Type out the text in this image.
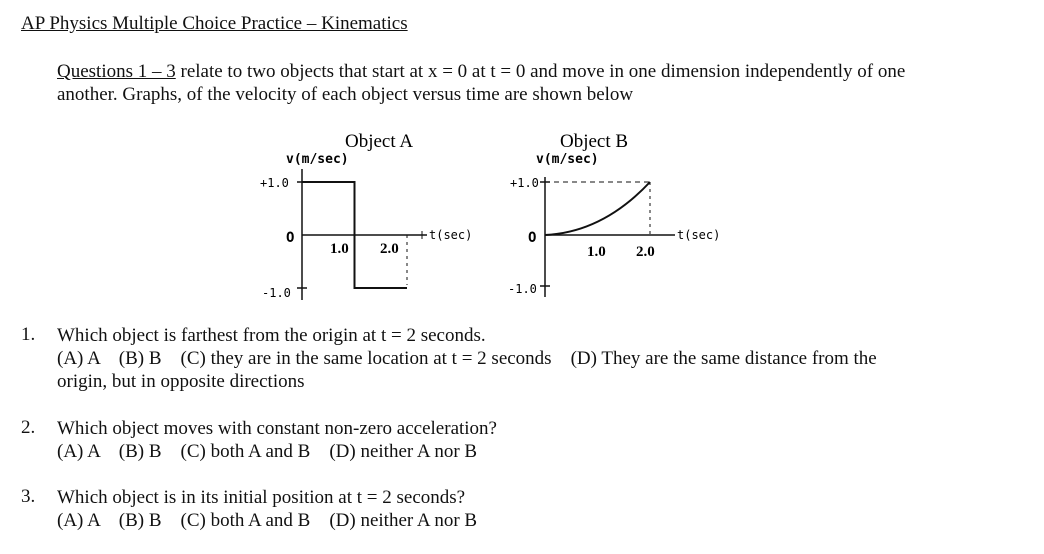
AP Physics Multiple Choice Practice – Kinematics
Questions 1 – 3 relate to two objects that start at x = 0 at t = 0 and move in one dimension independently of one
another. Graphs, of the velocity of each object versus time are shown below
Object A
v(m/sec)
+1.0
O
-1.0
t(sec)
1.0 2.0
Object B
v(m/sec)
+1.0
O
-1.0
t(sec)
1.0 2.0
1. Which object is farthest from the origin at t = 2 seconds.
(A) A    (B) B    (C) they are in the same location at t = 2 seconds    (D) They are the same distance from the
origin, but in opposite directions
2. Which object moves with constant non-zero acceleration?
(A) A    (B) B    (C) both A and B    (D) neither A nor B
3. Which object is in its initial position at t = 2 seconds?
(A) A    (B) B    (C) both A and B    (D) neither A nor B
